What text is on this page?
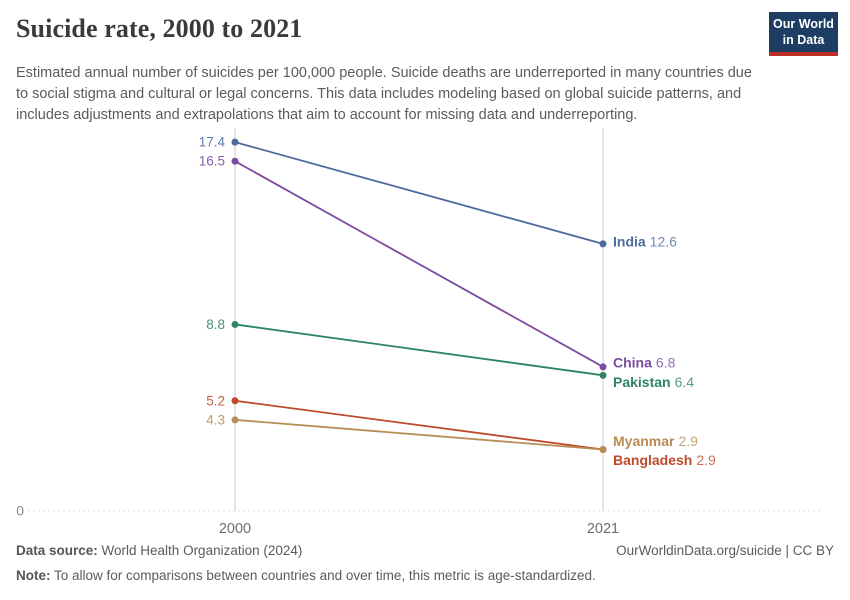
Suicide rate, 2000 to 2021	Our World
in Data

Estimated annual number of suicides per 100,000 people. Suicide deaths are underreported in many countries due to social stigma and cultural or legal concerns. This data includes modeling based on global suicide patterns, and includes adjustments and extrapolations that aim to account for missing data and underreporting.

0
2000	2021
17.4
India 12.6
16.5
China 6.8
8.8
Pakistan 6.4
5.2
Bangladesh 2.9
4.3
Myanmar 2.9
Data source: World Health Organization (2024)	OurWorldinData.org/suicide | CC BY
Note: To allow for comparisons between countries and over time, this metric is age-standardized.
